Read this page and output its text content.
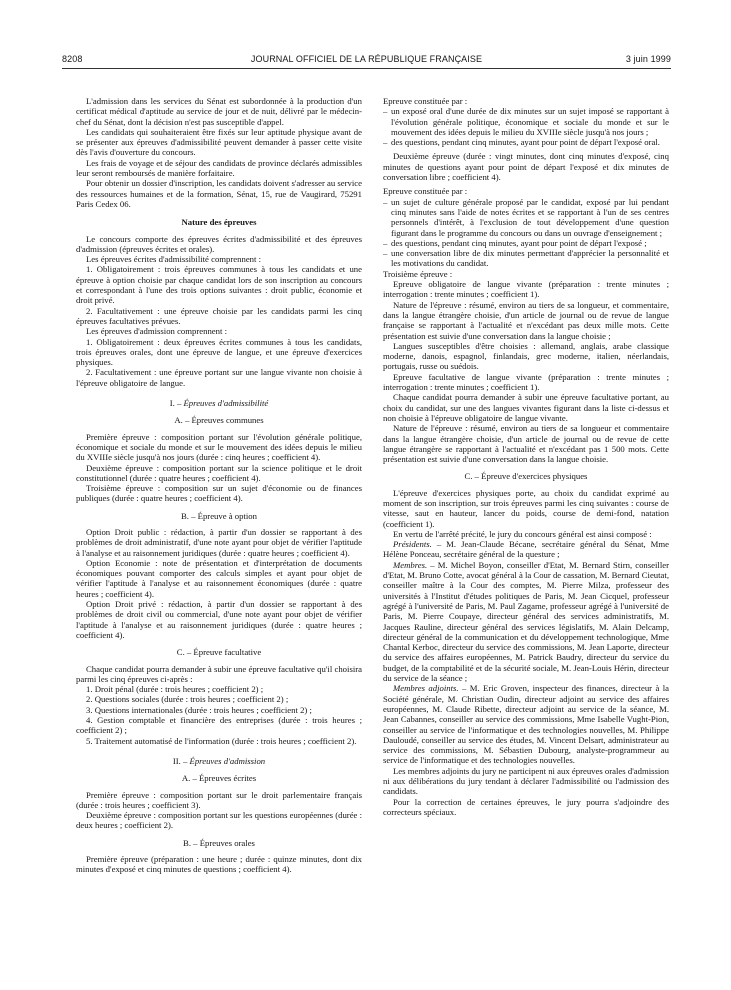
8208	JOURNAL OFFICIEL DE LA RÉPUBLIQUE FRANÇAISE	3 juin 1999

L'admission dans les services du Sénat est subordonnée à la production d'un certificat médical d'aptitude au service de jour et de nuit, délivré par le médecin-chef du Sénat, dont la décision n'est pas susceptible d'appel.

Les candidats qui souhaiteraient être fixés sur leur aptitude physique avant de se présenter aux épreuves d'admissibilité peuvent demander à passer cette visite dès l'avis d'ouverture du concours.

Les frais de voyage et de séjour des candidats de province déclarés admissibles leur seront remboursés de manière forfaitaire.

Pour obtenir un dossier d'inscription, les candidats doivent s'adresser au service des ressources humaines et de la formation, Sénat, 15, rue de Vaugirard, 75291 Paris Cedex 06.

Nature des épreuves

Le concours comporte des épreuves écrites d'admissibilité et des épreuves d'admission (épreuves écrites et orales).

Les épreuves écrites d'admissibilité comprennent :

1. Obligatoirement : trois épreuves communes à tous les candidats et une épreuve à option choisie par chaque candidat lors de son inscription au concours et correspondant à l'une des trois options suivantes : droit public, économie et droit privé.

2. Facultativement : une épreuve choisie par les candidats parmi les cinq épreuves facultatives prévues.

Les épreuves d'admission comprennent :

1. Obligatoirement : deux épreuves écrites communes à tous les candidats, trois épreuves orales, dont une épreuve de langue, et une épreuve d'exercices physiques.

2. Facultativement : une épreuve portant sur une langue vivante non choisie à l'épreuve obligatoire de langue.

I. – Épreuves d'admissibilité

A. – Épreuves communes

Première épreuve : composition portant sur l'évolution générale politique, économique et sociale du monde et sur le mouvement des idées depuis le milieu du XVIIIe siècle jusqu'à nos jours (durée : cinq heures ; coefficient 4).

Deuxième épreuve : composition portant sur la science politique et le droit constitutionnel (durée : quatre heures ; coefficient 4).

Troisième épreuve : composition sur un sujet d'économie ou de finances publiques (durée : quatre heures ; coefficient 4).

B. – Épreuve à option

Option Droit public : rédaction, à partir d'un dossier se rapportant à des problèmes de droit administratif, d'une note ayant pour objet de vérifier l'aptitude à l'analyse et au raisonnement juridiques (durée : quatre heures ; coefficient 4).

Option Economie : note de présentation et d'interprétation de documents économiques pouvant comporter des calculs simples et ayant pour objet de vérifier l'aptitude à l'analyse et au raisonnement économiques (durée : quatre heures ; coefficient 4).

Option Droit privé : rédaction, à partir d'un dossier se rapportant à des problèmes de droit civil ou commercial, d'une note ayant pour objet de vérifier l'aptitude à l'analyse et au raisonnement juridiques (durée : quatre heures ; coefficient 4).

C. – Épreuve facultative

Chaque candidat pourra demander à subir une épreuve facultative qu'il choisira parmi les cinq épreuves ci-après :

1. Droit pénal (durée : trois heures ; coefficient 2) ;

2. Questions sociales (durée : trois heures ; coefficient 2) ;

3. Questions internationales (durée : trois heures ; coefficient 2) ;

4. Gestion comptable et financière des entreprises (durée : trois heures ; coefficient 2) ;

5. Traitement automatisé de l'information (durée : trois heures ; coefficient 2).

II. – Épreuves d'admission

A. – Épreuves écrites

Première épreuve : composition portant sur le droit parlementaire français (durée : trois heures ; coefficient 3).

Deuxième épreuve : composition portant sur les questions européennes (durée : deux heures ; coefficient 2).

B. – Épreuves orales

Première épreuve (préparation : une heure ; durée : quinze minutes, dont dix minutes d'exposé et cinq minutes de questions ; coefficient 4).

Epreuve constituée par :

– un exposé oral d'une durée de dix minutes sur un sujet imposé se rapportant à l'évolution générale politique, économique et sociale du monde et sur le mouvement des idées depuis le milieu du XVIIIe siècle jusqu'à nos jours ;

– des questions, pendant cinq minutes, ayant pour point de départ l'exposé oral.

Deuxième épreuve (durée : vingt minutes, dont cinq minutes d'exposé, cinq minutes de questions ayant pour point de départ l'exposé et dix minutes de conversation libre ; coefficient 4).

Epreuve constituée par :

– un sujet de culture générale proposé par le candidat, exposé par lui pendant cinq minutes sans l'aide de notes écrites et se rapportant à l'un de ses centres personnels d'intérêt, à l'exclusion de tout développement d'une question figurant dans le programme du concours ou dans un ouvrage d'enseignement ;

– des questions, pendant cinq minutes, ayant pour point de départ l'exposé ;

– une conversation libre de dix minutes permettant d'apprécier la personnalité et les motivations du candidat.

Troisième épreuve :

Epreuve obligatoire de langue vivante (préparation : trente minutes ; interrogation : trente minutes ; coefficient 1).

Nature de l'épreuve : résumé, environ au tiers de sa longueur, et commentaire, dans la langue étrangère choisie, d'un article de journal ou de revue de langue française se rapportant à l'actualité et n'excédant pas deux mille mots. Cette présentation est suivie d'une conversation dans la langue choisie ;

Langues susceptibles d'être choisies : allemand, anglais, arabe classique moderne, danois, espagnol, finlandais, grec moderne, italien, néerlandais, portugais, russe ou suédois.

Epreuve facultative de langue vivante (préparation : trente minutes ; interrogation : trente minutes ; coefficient 1).

Chaque candidat pourra demander à subir une épreuve facultative portant, au choix du candidat, sur une des langues vivantes figurant dans la liste ci-dessus et non choisie à l'épreuve obligatoire de langue vivante.

Nature de l'épreuve : résumé, environ au tiers de sa longueur et commentaire dans la langue étrangère choisie, d'un article de journal ou de revue de cette langue étrangère se rapportant à l'actualité et n'excédant pas 1 500 mots. Cette présentation est suivie d'une conversation dans la langue choisie.

C. – Épreuve d'exercices physiques

L'épreuve d'exercices physiques porte, au choix du candidat exprimé au moment de son inscription, sur trois épreuves parmi les cinq suivantes : course de vitesse, saut en hauteur, lancer du poids, course de demi-fond, natation (coefficient 1).

En vertu de l'arrêté précité, le jury du concours général est ainsi composé :

Présidents. – M. Jean-Claude Bécane, secrétaire général du Sénat, Mme Hélène Ponceau, secrétaire général de la questure ;

Membres. – M. Michel Boyon, conseiller d'Etat, M. Bernard Stirn, conseiller d'Etat, M. Bruno Cotte, avocat général à la Cour de cassation, M. Bernard Cieutat, conseiller maître à la Cour des comptes, M. Pierre Milza, professeur des universités à l'Institut d'études politiques de Paris, M. Jean Cicquel, professeur agrégé à l'université de Paris, M. Paul Zagame, professeur agrégé à l'université de Paris, M. Pierre Coupaye, directeur général des services administratifs, M. Jacques Rauline, directeur général des services législatifs, M. Alain Delcamp, directeur général de la communication et du développement technologique, Mme Chantal Kerboc, directeur du service des commissions, M. Jean Laporte, directeur du service des affaires européennes, M. Patrick Baudry, directeur du service du budget, de la comptabilité et de la sécurité sociale, M. Jean-Louis Hérin, directeur du service de la séance ;

Membres adjoints. – M. Eric Groven, inspecteur des finances, directeur à la Société générale, M. Christian Oudin, directeur adjoint au service des affaires européennes, M. Claude Ribette, directeur adjoint au service de la séance, M. Jean Cabannes, conseiller au service des commissions, Mme Isabelle Vught-Pion, conseiller au service de l'informatique et des technologies nouvelles, M. Philippe Dauloudé, conseiller au service des études, M. Vincent Delsart, administrateur au service des commissions, M. Sébastien Dubourg, analyste-programmeur au service de l'informatique et des technologies nouvelles.

Les membres adjoints du jury ne participent ni aux épreuves orales d'admission ni aux délibérations du jury tendant à déclarer l'admissibilité ou l'admission des candidats.

Pour la correction de certaines épreuves, le jury pourra s'adjoindre des correcteurs spéciaux.
